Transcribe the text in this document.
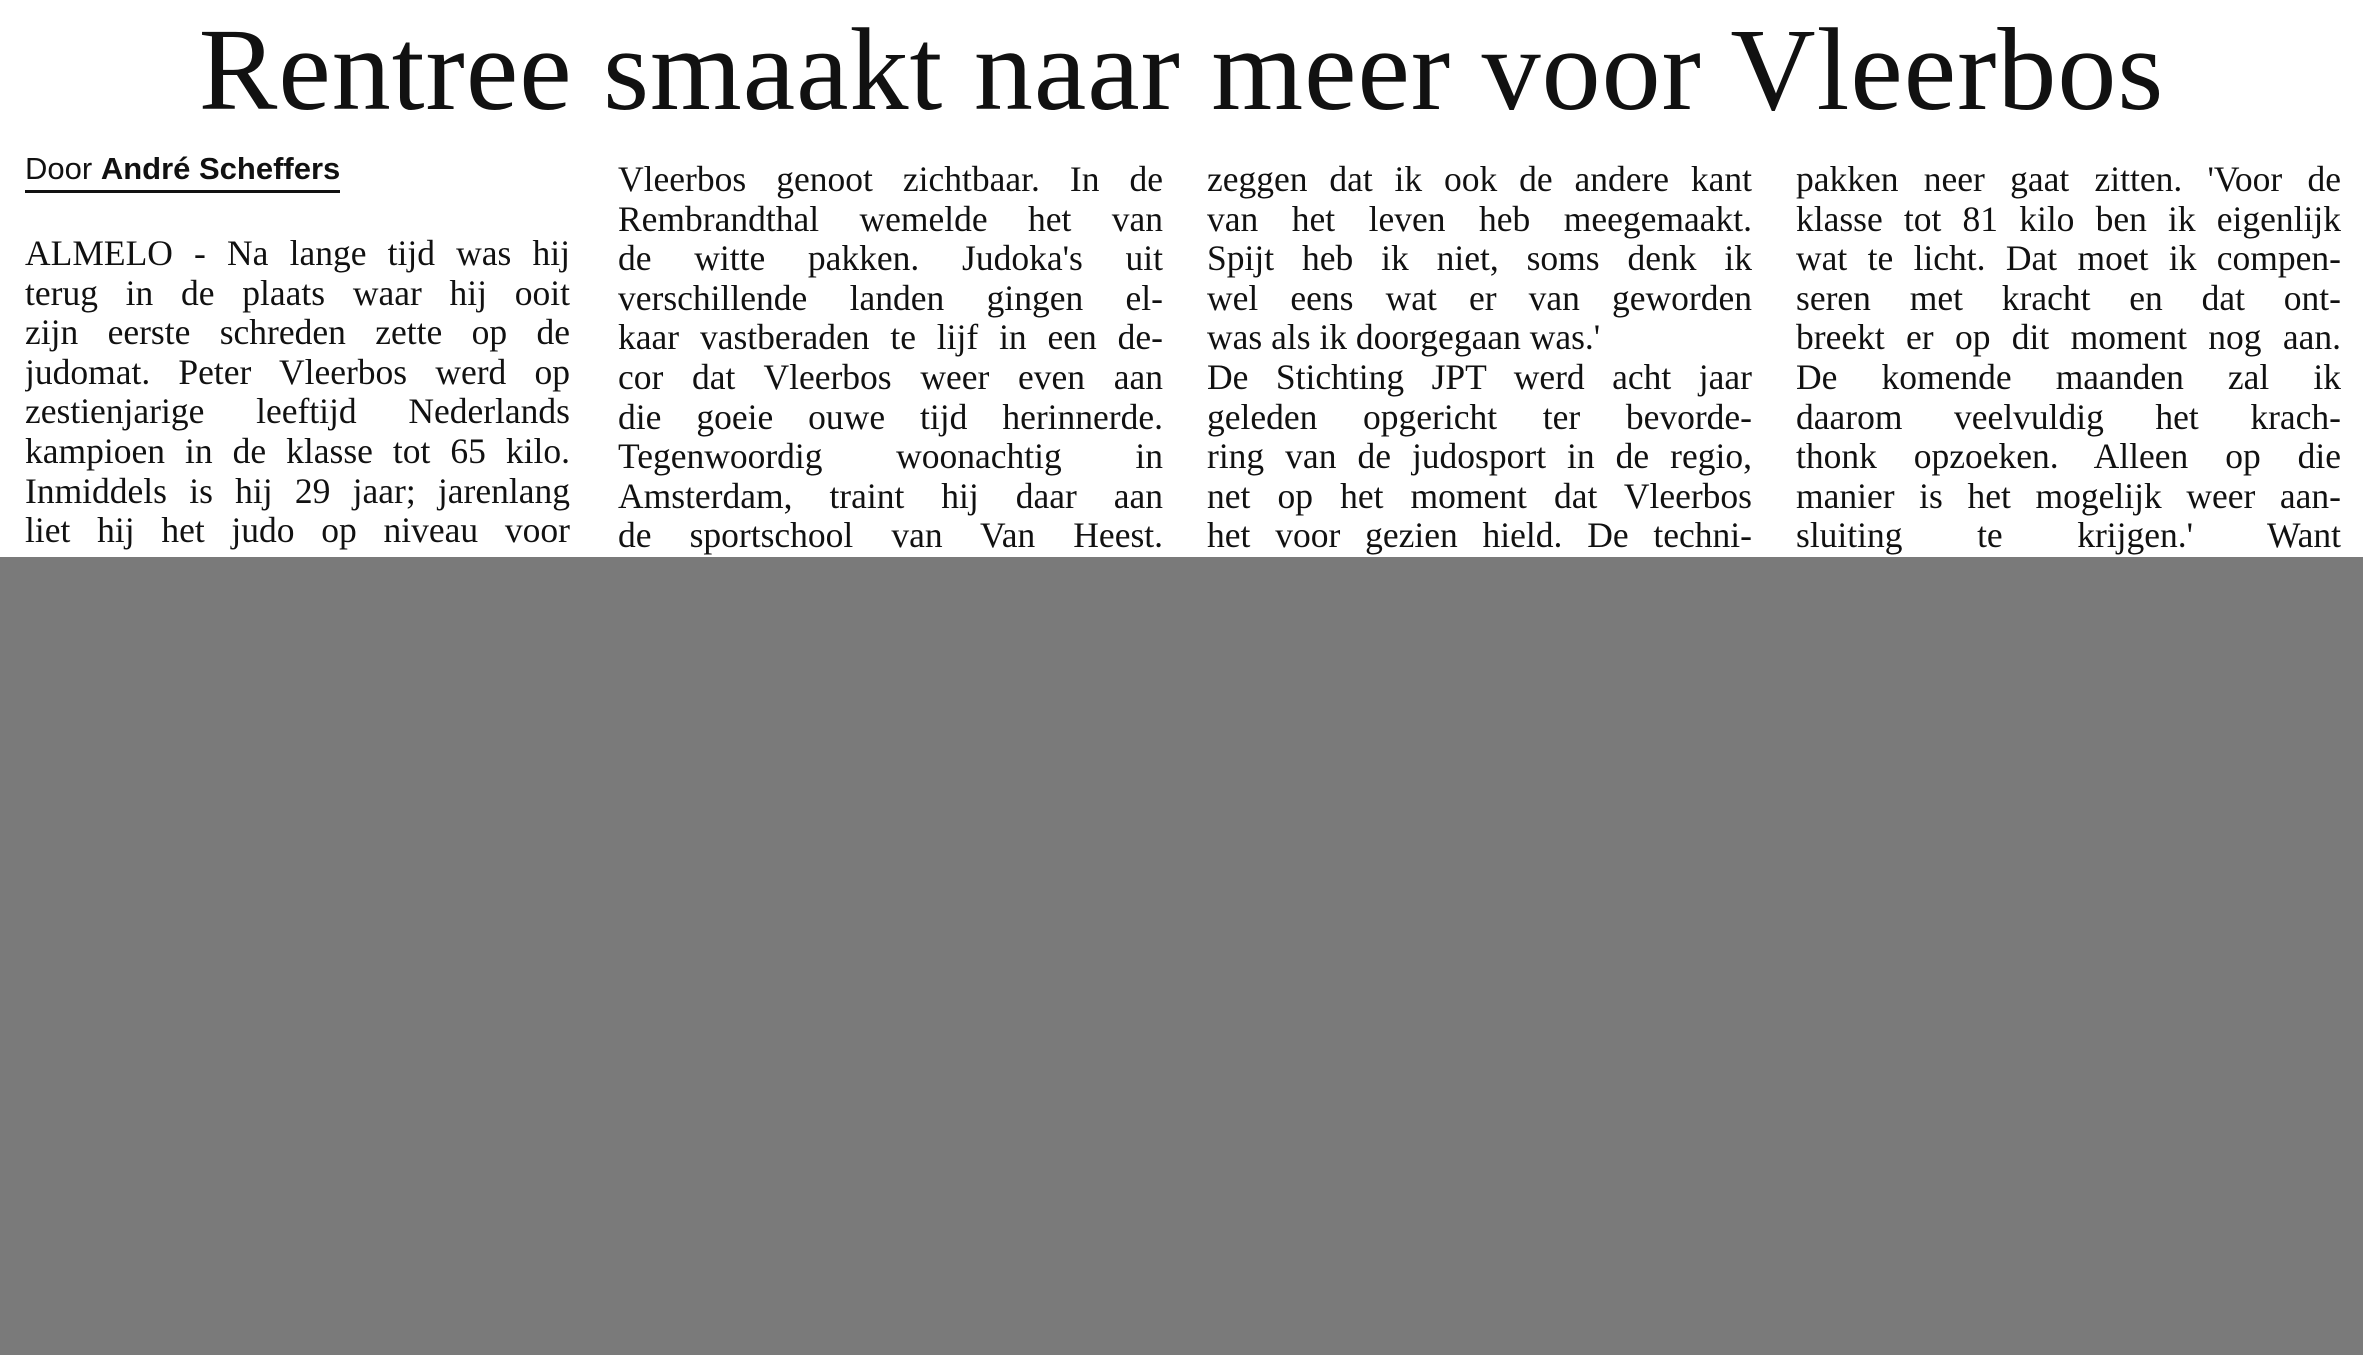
Rentree smaakt naar meer voor Vleerbos
Door André Scheffers
ALMELO - Na lange tijd was hij
terug in de plaats waar hij ooit
zijn eerste schreden zette op de
judomat. Peter Vleerbos werd op
zestienjarige leeftijd Nederlands
kampioen in de klasse tot 65 kilo.
Inmiddels is hij 29 jaar; jarenlang
liet hij het judo op niveau voor
Vleerbos genoot zichtbaar. In de
Rembrandthal wemelde het van
de witte pakken. Judoka's uit
verschillende landen gingen el-
kaar vastberaden te lijf in een de-
cor dat Vleerbos weer even aan
die goeie ouwe tijd herinnerde.
Tegenwoordig woonachtig in
Amsterdam, traint hij daar aan
de sportschool van Van Heest.
zeggen dat ik ook de andere kant
van het leven heb meegemaakt.
Spijt heb ik niet, soms denk ik
wel eens wat er van geworden
was als ik doorgegaan was.'
De Stichting JPT werd acht jaar
geleden opgericht ter bevorde-
ring van de judosport in de regio,
net op het moment dat Vleerbos
het voor gezien hield. De techni-
pakken neer gaat zitten. 'Voor de
klasse tot 81 kilo ben ik eigenlijk
wat te licht. Dat moet ik compen-
seren met kracht en dat ont-
breekt er op dit moment nog aan.
De komende maanden zal ik
daarom veelvuldig het krach-
thonk opzoeken. Alleen op die
manier is het mogelijk weer aan-
sluiting te krijgen.' Want
